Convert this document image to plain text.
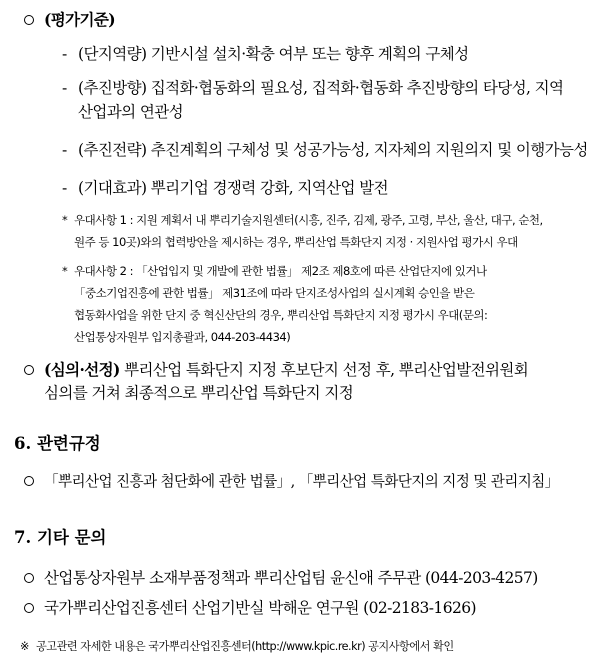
(평가기준)
- (단지역량) 기반시설 설치·확충 여부 또는 향후 계획의 구체성
- (추진방향) 집적화·협동화의 필요성, 집적화·협동화 추진방향의 타당성, 지역
산업과의 연관성
- (추진전략) 추진계획의 구체성 및 성공가능성, 지자체의 지원의지 및 이행가능성
- (기대효과) 뿌리기업 경쟁력 강화, 지역산업 발전
* 우대사항 1 : 지원 계획서 내 뿌리기술지원센터(시흥, 진주, 김제, 광주, 고령, 부산, 울산, 대구, 순천,
원주 등 10곳)와의 협력방안을 제시하는 경우, 뿌리산업 특화단지 지정 · 지원사업 평가시 우대
* 우대사항 2 : 「산업입지 및 개발에 관한 법률」 제2조 제8호에 따른 산업단지에 있거나
「중소기업진흥에 관한 법률」 제31조에 따라 단지조성사업의 실시계획 승인을 받은
협동화사업을 위한 단지 중 혁신산단의 경우, 뿌리산업 특화단지 지정 평가시 우대(문의:
산업통상자원부 입지총괄과, 044-203-4434)
(심의·선정) 뿌리산업 특화단지 지정 후보단지 선정 후, 뿌리산업발전위원회
심의를 거쳐 최종적으로 뿌리산업 특화단지 지정
6. 관련규정
「뿌리산업 진흥과 첨단화에 관한 법률」, 「뿌리산업 특화단지의 지정 및 관리지침」
7. 기타 문의
산업통상자원부 소재부품정책과 뿌리산업팀 윤신애 주무관 (044-203-4257)
국가뿌리산업진흥센터 산업기반실 박해운 연구원 (02-2183-1626)
※ 공고관련 자세한 내용은 국가뿌리산업진흥센터(http://www.kpic.re.kr) 공지사항에서 확인
